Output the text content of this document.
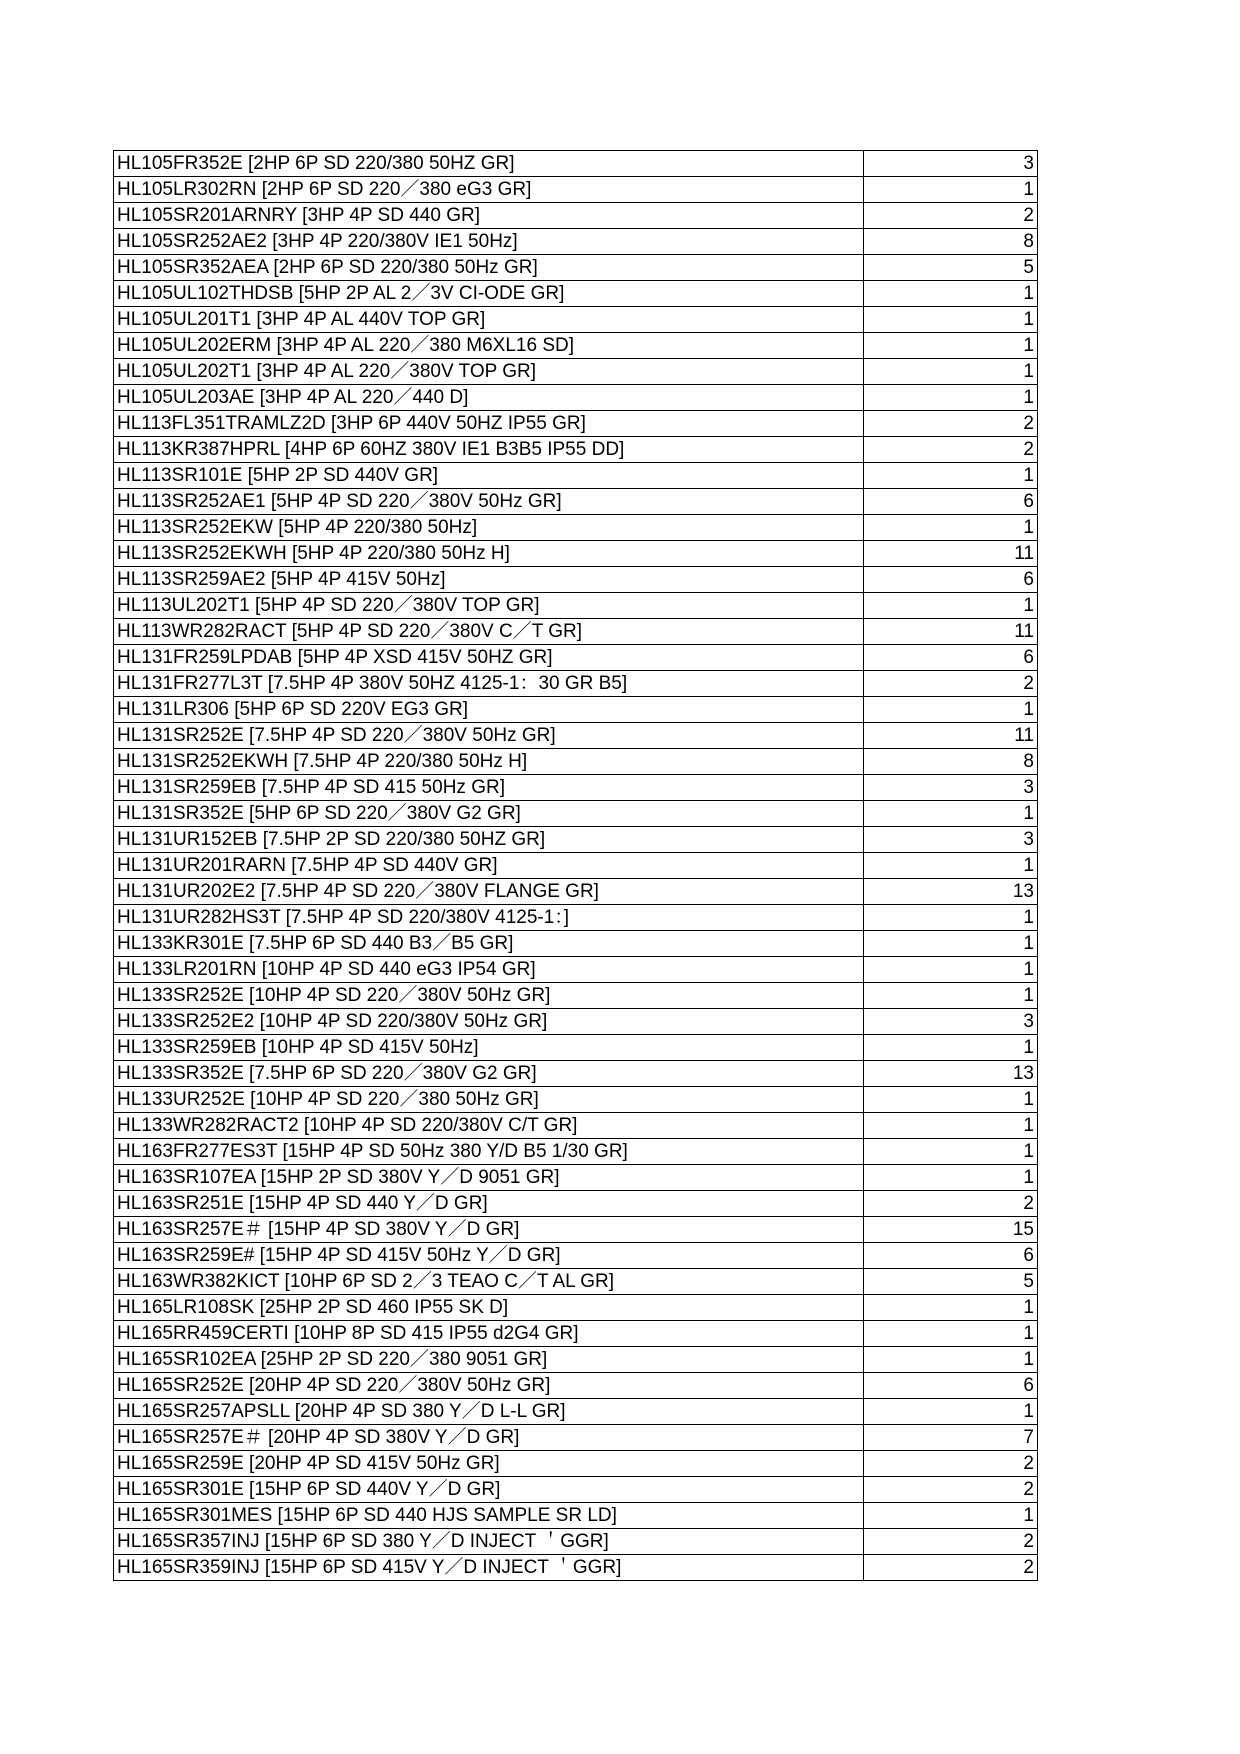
HL105FR352E [2HP 6P SD 220/380 50HZ GR]	3
HL105LR302RN [2HP 6P SD 220／380 eG3 GR]	1
HL105SR201ARNRY [3HP 4P SD 440 GR]	2
HL105SR252AE2 [3HP 4P 220/380V IE1 50Hz]	8
HL105SR352AEA [2HP 6P SD 220/380 50Hz GR]	5
HL105UL102THDSB [5HP 2P AL 2／3V CI-ODE GR]	1
HL105UL201T1 [3HP 4P AL 440V TOP GR]	1
HL105UL202ERM [3HP 4P AL 220／380 M6XL16 SD]	1
HL105UL202T1 [3HP 4P AL 220／380V TOP GR]	1
HL105UL203AE [3HP 4P AL 220／440 D]	1
HL113FL351TRAMLZ2D [3HP 6P 440V 50HZ IP55 GR]	2
HL113KR387HPRL [4HP 6P 60HZ 380V IE1 B3B5 IP55 DD]	2
HL113SR101E [5HP 2P SD 440V GR]	1
HL113SR252AE1 [5HP 4P SD 220／380V 50Hz GR]	6
HL113SR252EKW [5HP 4P 220/380 50Hz]	1
HL113SR252EKWH [5HP 4P 220/380 50Hz H]	11
HL113SR259AE2 [5HP 4P 415V 50Hz]	6
HL113UL202T1 [5HP 4P SD 220／380V TOP GR]	1
HL113WR282RACT [5HP 4P SD 220／380V C／T GR]	11
HL131FR259LPDAB [5HP 4P XSD 415V 50HZ GR]	6
HL131FR277L3T [7.5HP 4P 380V 50HZ 4125-1：30 GR B5]	2
HL131LR306 [5HP 6P SD 220V EG3 GR]	1
HL131SR252E [7.5HP 4P SD 220／380V 50Hz GR]	11
HL131SR252EKWH [7.5HP 4P 220/380 50Hz H]	8
HL131SR259EB [7.5HP 4P SD 415 50Hz GR]	3
HL131SR352E [5HP 6P SD 220／380V G2 GR]	1
HL131UR152EB [7.5HP 2P SD 220/380 50HZ GR]	3
HL131UR201RARN [7.5HP 4P SD 440V GR]	1
HL131UR202E2 [7.5HP 4P SD 220／380V FLANGE GR]	13
HL131UR282HS3T [7.5HP 4P SD 220/380V 4125-1：]	1
HL133KR301E [7.5HP 6P SD 440 B3／B5 GR]	1
HL133LR201RN [10HP 4P SD 440 eG3 IP54 GR]	1
HL133SR252E [10HP 4P SD 220／380V 50Hz GR]	1
HL133SR252E2 [10HP 4P SD 220/380V 50Hz GR]	3
HL133SR259EB [10HP 4P SD 415V 50Hz]	1
HL133SR352E [7.5HP 6P SD 220／380V G2 GR]	13
HL133UR252E [10HP 4P SD 220／380 50Hz GR]	1
HL133WR282RACT2 [10HP 4P SD 220/380V C/T GR]	1
HL163FR277ES3T [15HP 4P SD 50Hz 380 Y/D B5 1/30 GR]	1
HL163SR107EA [15HP 2P SD 380V Y／D 9051 GR]	1
HL163SR251E [15HP 4P SD 440 Y／D GR]	2
HL163SR257E＃ [15HP 4P SD 380V Y／D GR]	15
HL163SR259E# [15HP 4P SD 415V 50Hz Y／D GR]	6
HL163WR382KICT [10HP 6P SD 2／3 TEAO C／T AL GR]	5
HL165LR108SK [25HP 2P SD 460 IP55 SK D]	1
HL165RR459CERTI [10HP 8P SD 415 IP55 d2G4 GR]	1
HL165SR102EA [25HP 2P SD 220／380 9051 GR]	1
HL165SR252E [20HP 4P SD 220／380V 50Hz GR]	6
HL165SR257APSLL [20HP 4P SD 380 Y／D L-L GR]	1
HL165SR257E＃ [20HP 4P SD 380V Y／D GR]	7
HL165SR259E [20HP 4P SD 415V 50Hz GR]	2
HL165SR301E [15HP 6P SD 440V Y／D GR]	2
HL165SR301MES [15HP 6P SD 440 HJS SAMPLE SR LD]	1
HL165SR357INJ [15HP 6P SD 380 Y／D INJECT ＇GGR]	2
HL165SR359INJ [15HP 6P SD 415V Y／D INJECT ＇GGR]	2
